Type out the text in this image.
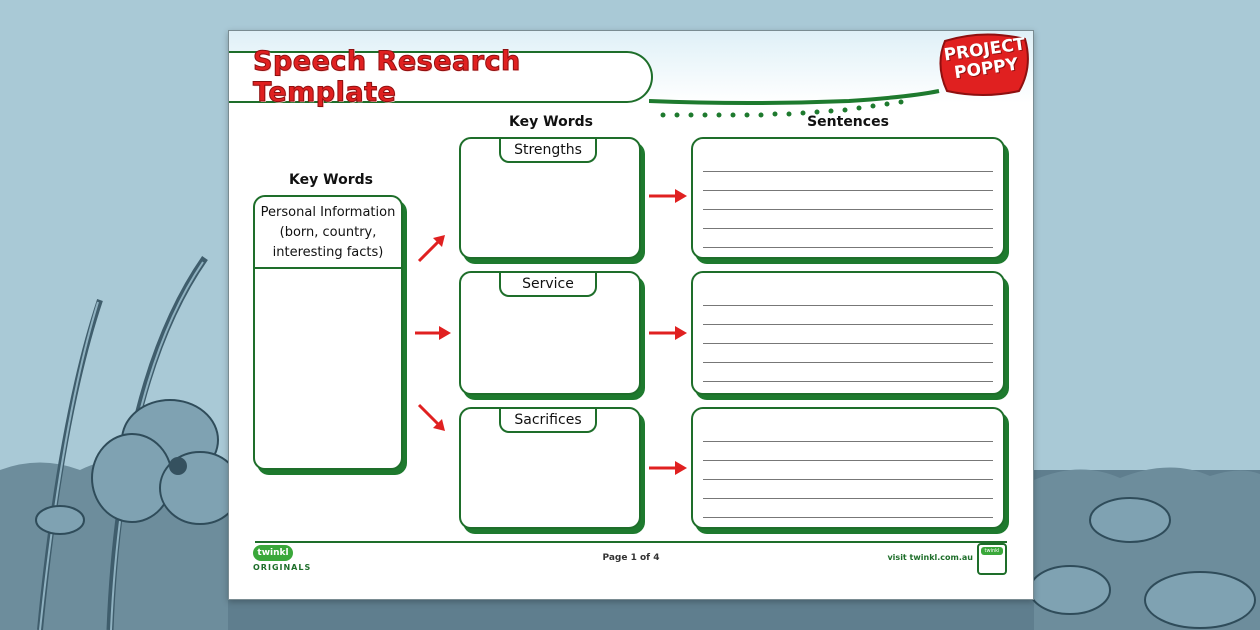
Speech Research Template
PROJECT POPPY
Key Words
Key Words	Sentences
Personal Information
(born, country,
interesting facts)
Strengths
Service
Sacrifices
twinkl
ORIGINALS
Page 1 of 4	visit twinkl.com.au
twinkl
